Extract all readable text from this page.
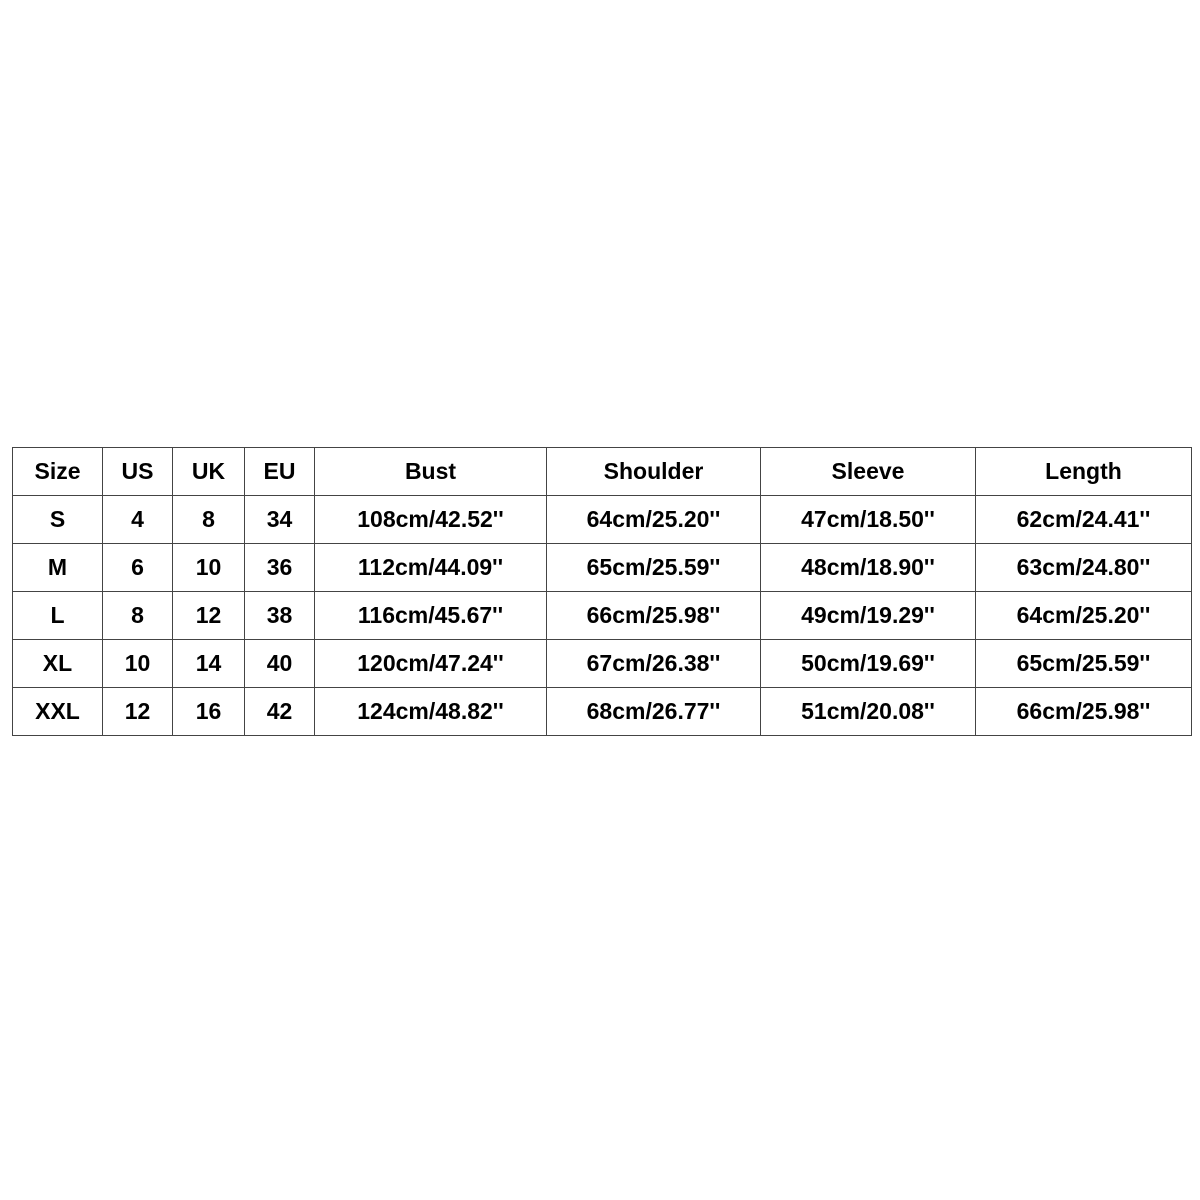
Size	US	UK	EU	Bust	Shoulder	Sleeve	Length
S	4	8	34	108cm/42.52''	64cm/25.20''	47cm/18.50''	62cm/24.41''
M	6	10	36	112cm/44.09''	65cm/25.59''	48cm/18.90''	63cm/24.80''
L	8	12	38	116cm/45.67''	66cm/25.98''	49cm/19.29''	64cm/25.20''
XL	10	14	40	120cm/47.24''	67cm/26.38''	50cm/19.69''	65cm/25.59''
XXL	12	16	42	124cm/48.82''	68cm/26.77''	51cm/20.08''	66cm/25.98''
